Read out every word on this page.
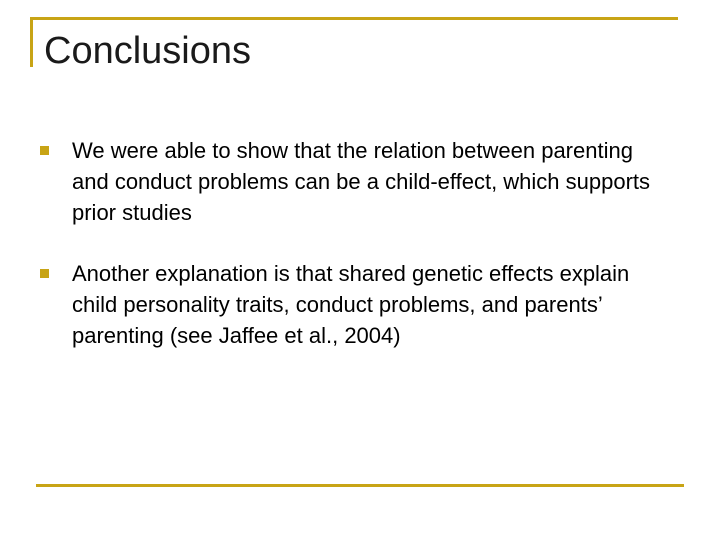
Conclusions
We were able to show that the relation between parenting and conduct problems can be a child-effect, which supports prior studies
Another explanation is that shared genetic effects explain child personality traits, conduct problems, and parents’ parenting (see Jaffee et al., 2004)
